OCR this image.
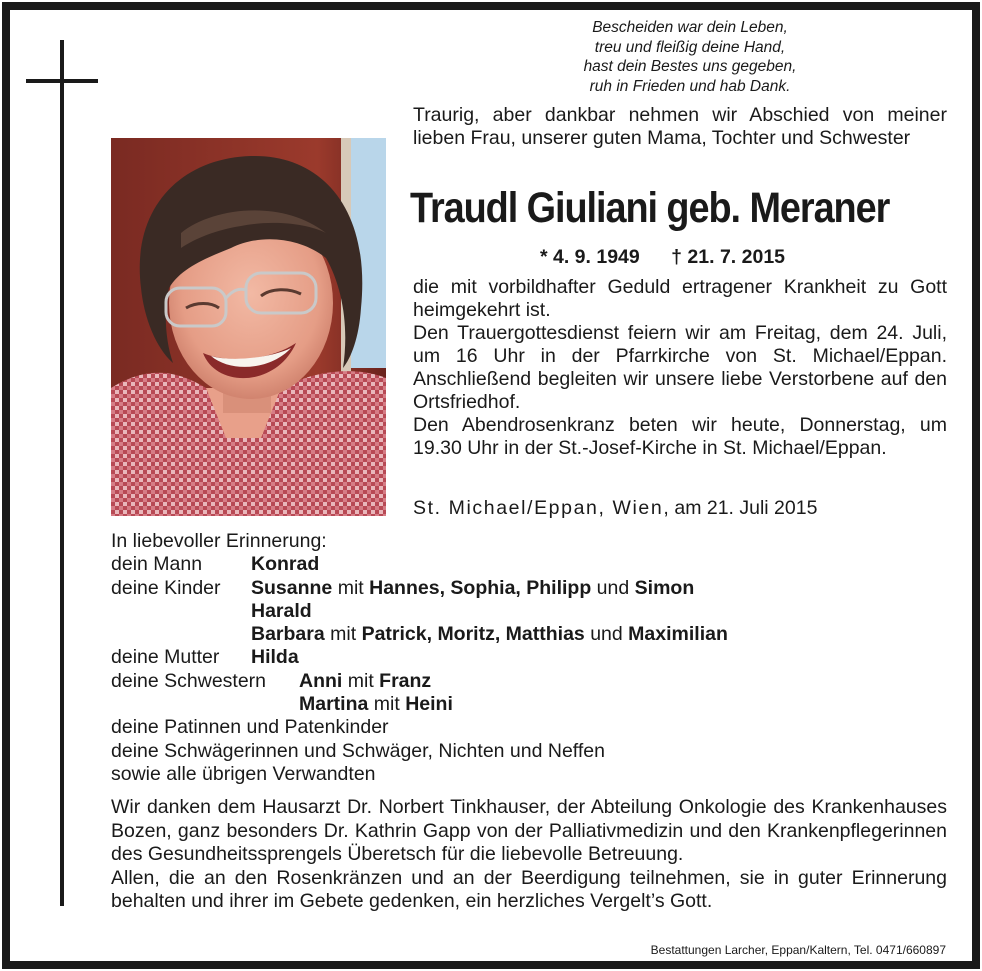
Bescheiden war dein Leben,
treu und fleißig deine Hand,
hast dein Bestes uns gegeben,
ruh in Frieden und hab Dank.
Traurig, aber dankbar nehmen wir Abschied von meiner lieben Frau, unserer guten Mama, Tochter und Schwester
Traudl Giuliani geb. Meraner
* 4. 9. 1949 † 21. 7. 2015

die mit vorbildhafter Geduld ertragener Krankheit zu Gott heimgekehrt ist.

Den Trauergottesdienst feiern wir am Freitag, dem 24. Juli, um 16 Uhr in der Pfarrkirche von St. Michael/Eppan. Anschließend begleiten wir unsere liebe Verstorbene auf den Ortsfriedhof.

Den Abendrosenkranz beten wir heute, Donnerstag, um 19.30 Uhr in der St.-Josef-Kirche in St. Michael/Eppan.

St. Michael/Eppan, Wien, am 21. Juli 2015
In liebevoller Erinnerung:
dein Mann	Konrad
deine Kinder Susanne mit Hannes, Sophia, Philipp und Simon
Harald
Barbara mit Patrick, Moritz, Matthias und Maximilian
deine Mutter Hilda
deine Schwestern Anni mit Franz
Martina mit Heini
deine Patinnen und Patenkinder
deine Schwägerinnen und Schwäger, Nichten und Neffen
sowie alle übrigen Verwandten

Wir danken dem Hausarzt Dr. Norbert Tinkhauser, der Abteilung Onkologie des Krankenhauses Bozen, ganz besonders Dr. Kathrin Gapp von der Palliativmedizin und den Krankenpflegerinnen des Gesundheitssprengels Überetsch für die liebevolle Betreuung.

Allen, die an den Rosenkränzen und an der Beerdigung teilnehmen, sie in guter Erinnerung behalten und ihrer im Gebete gedenken, ein herzliches Vergelt’s Gott.

Bestattungen Larcher, Eppan/Kaltern, Tel. 0471/660897
